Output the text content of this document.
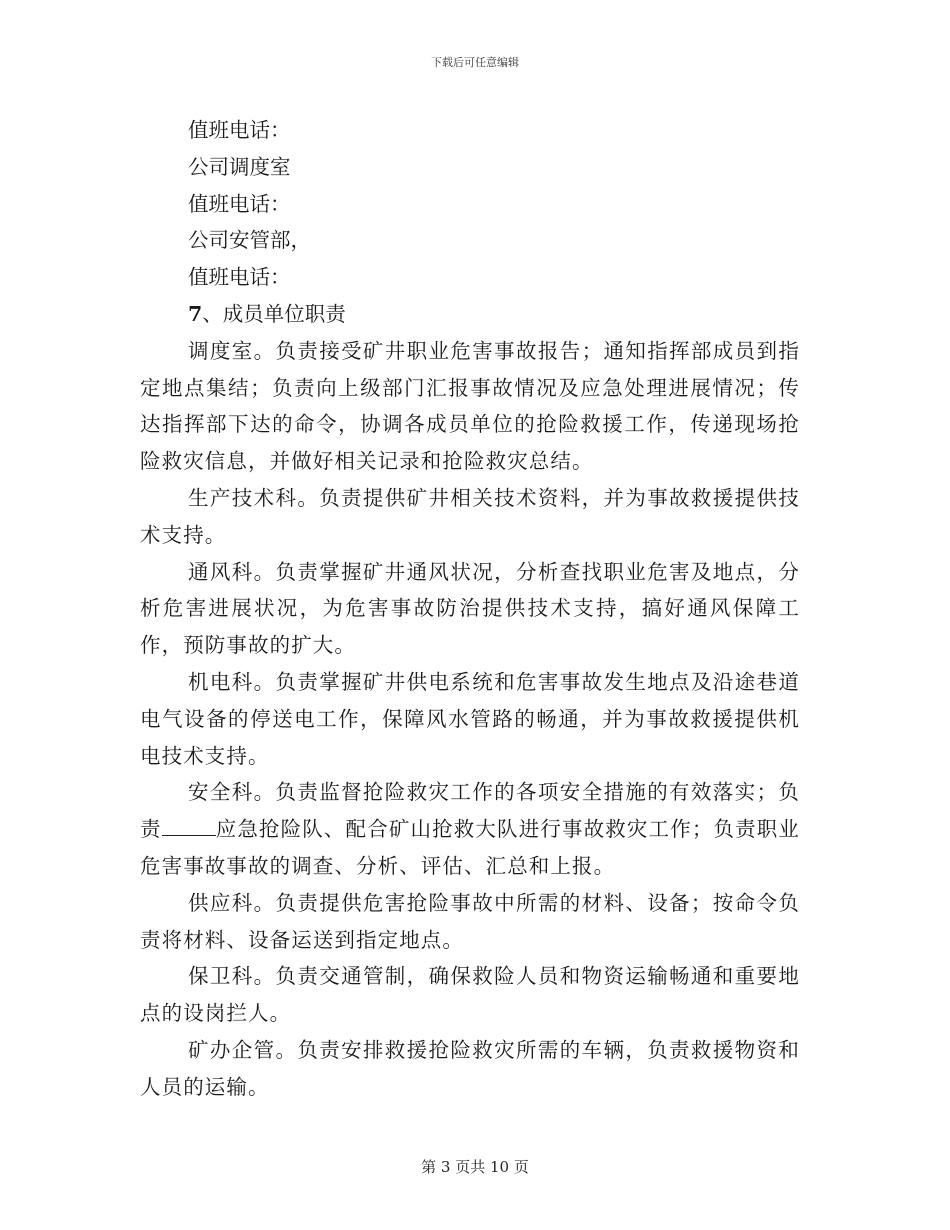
下载后可任意编辑
值班电话：
公司调度室
值班电话：
公司安管部，
值班电话：
7、成员单位职责
调度室。负责接受矿井职业危害事故报告；通知指挥部成员到指定地点集结；负责向上级部门汇报事故情况及应急处理进展情况；传达指挥部下达的命令，协调各成员单位的抢险救援工作，传递现场抢险救灾信息，并做好相关记录和抢险救灾总结。
生产技术科。负责提供矿井相关技术资料，并为事故救援提供技术支持。
通风科。负责掌握矿井通风状况，分析查找职业危害及地点，分析危害进展状况，为危害事故防治提供技术支持，搞好通风保障工作，预防事故的扩大。
机电科。负责掌握矿井供电系统和危害事故发生地点及沿途巷道电气设备的停送电工作，保障风水管路的畅通，并为事故救援提供机电技术支持。
安全科。负责监督抢险救灾工作的各项安全措施的有效落实；负责	应急抢险队、配合矿山抢救大队进行事故救灾工作；负责职业危害事故事故的调查、分析、评估、汇总和上报。
供应科。负责提供危害抢险事故中所需的材料、设备；按命令负责将材料、设备运送到指定地点。
保卫科。负责交通管制，确保救险人员和物资运输畅通和重要地点的设岗拦人。
矿办企管。负责安排救援抢险救灾所需的车辆，负责救援物资和人员的运输。
第 3 页共 10 页
